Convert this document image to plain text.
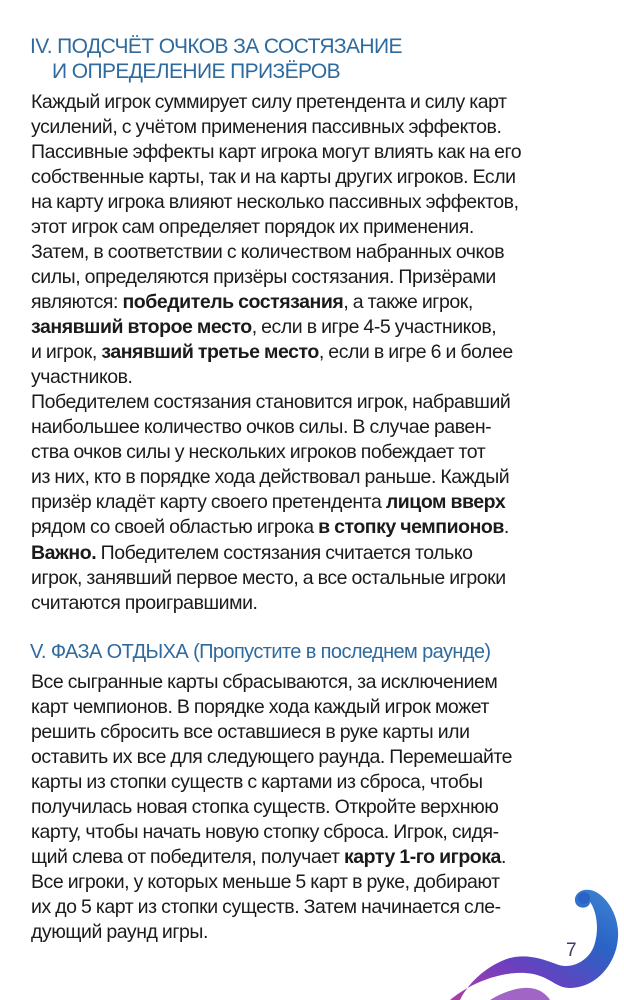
IV. ПОДСЧЁТ ОЧКОВ ЗА СОСТЯЗАНИЕ
И ОПРЕДЕЛЕНИЕ ПРИЗЁРОВ

Каждый игрок суммирует силу претендента и силу карт
усилений, с учётом применения пассивных эффектов.
Пассивные эффекты карт игрока могут влиять как на его
собственные карты, так и на карты других игроков. Если
на карту игрока влияют несколько пассивных эффектов,
этот игрок сам определяет порядок их применения.

Затем, в соответствии с количеством набранных очков
силы, определяются призёры состязания. Призёрами
являются: победитель состязания, а также игрок,
занявший второе место, если в игре 4-5 участников,
и игрок, занявший третье место, если в игре 6 и более
участников.

Победителем состязания становится игрок, набравший
наибольшее количество очков силы. В случае равен-
ства очков силы у нескольких игроков побеждает тот
из них, кто в порядке хода действовал раньше. Каждый
призёр кладёт карту своего претендента лицом вверх
рядом со своей областью игрока в стопку чемпионов.

Важно. Победителем состязания считается только
игрок, занявший первое место, а все остальные игроки
считаются проигравшими.

V. ФАЗА ОТДЫХА (Пропустите в последнем раунде)

Все сыгранные карты сбрасываются, за исключением
карт чемпионов. В порядке хода каждый игрок может
решить сбросить все оставшиеся в руке карты или
оставить их все для следующего раунда. Перемешайте
карты из стопки существ с картами из сброса, чтобы
получилась новая стопка существ. Откройте верхнюю
карту, чтобы начать новую стопку сброса. Игрок, сидя-
щий слева от победителя, получает карту 1-го игрока.
Все игроки, у которых меньше 5 карт в руке, добирают
их до 5 карт из стопки существ. Затем начинается сле-
дующий раунд игры.

7
